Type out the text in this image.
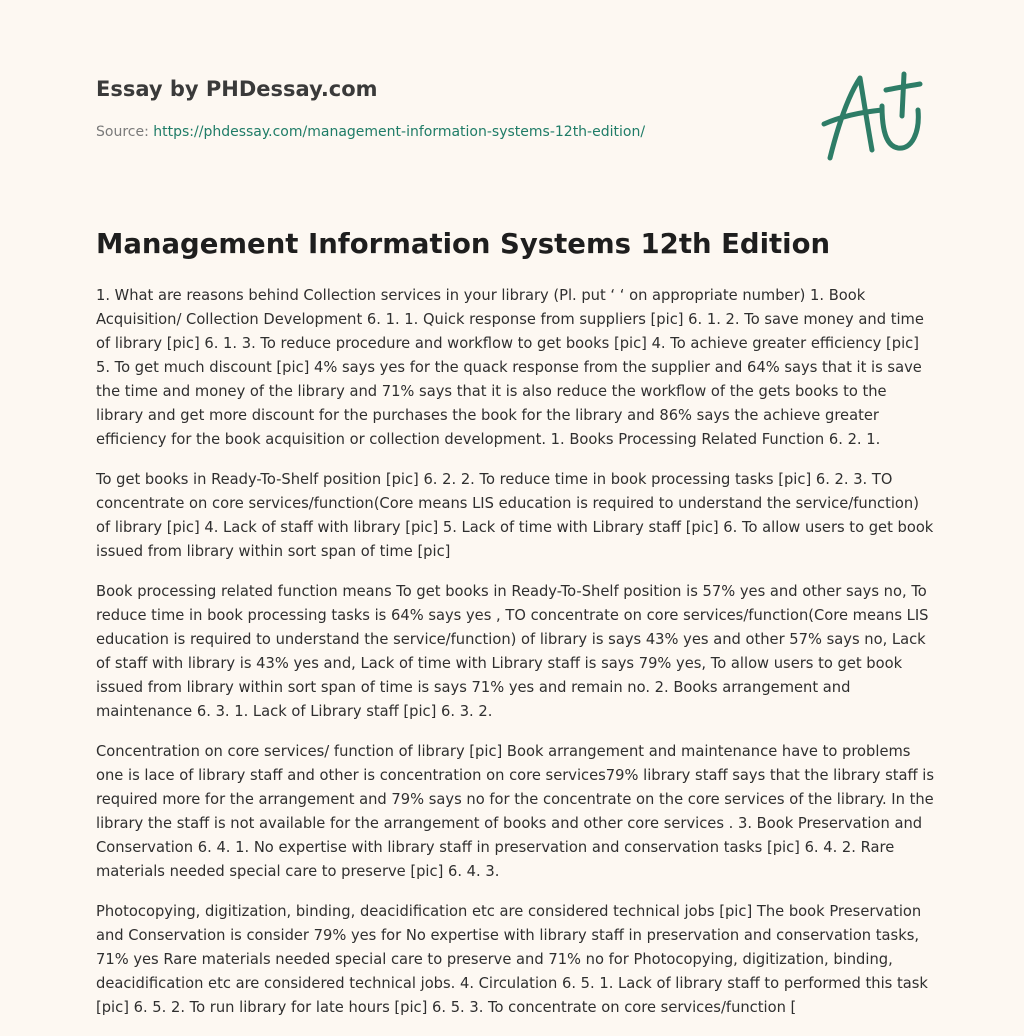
Essay by PHDessay.com
Source: https://phdessay.com/management-information-systems-12th-edition/
Management Information Systems 12th Edition

1. What are reasons behind Collection services in your library (Pl. put ‘ ‘ on appropriate number) 1. Book Acquisition/ Collection Development 6. 1. 1. Quick response from suppliers [pic] 6. 1. 2. To save money and time of library [pic] 6. 1. 3. To reduce procedure and workflow to get books [pic] 4. To achieve greater efficiency [pic] 5. To get much discount [pic] 4% says yes for the quack response from the supplier and 64% says that it is save the time and money of the library and 71% says that it is also reduce the workflow of the gets books to the library and get more discount for the purchases the book for the library and 86% says the achieve greater efficiency for the book acquisition or collection development. 1. Books Processing Related Function 6. 2. 1.

To get books in Ready-To-Shelf position [pic] 6. 2. 2. To reduce time in book processing tasks [pic] 6. 2. 3. TO concentrate on core services/function(Core means LIS education is required to understand the service/function) of library [pic] 4. Lack of staff with library [pic] 5. Lack of time with Library staff [pic] 6. To allow users to get book issued from library within sort span of time [pic]

Book processing related function means To get books in Ready-To-Shelf position is 57% yes and other says no, To reduce time in book processing tasks is 64% says yes , TO concentrate on core services/function(Core means LIS education is required to understand the service/function) of library is says 43% yes and other 57% says no, Lack of staff with library is 43% yes and, Lack of time with Library staff is says 79% yes, To allow users to get book issued from library within sort span of time is says 71% yes and remain no. 2. Books arrangement and maintenance 6. 3. 1. Lack of Library staff [pic] 6. 3. 2.

Concentration on core services/ function of library [pic] Book arrangement and maintenance have to problems one is lace of library staff and other is concentration on core services79% library staff says that the library staff is required more for the arrangement and 79% says no for the concentrate on the core services of the library. In the library the staff is not available for the arrangement of books and other core services . 3. Book Preservation and Conservation 6. 4. 1. No expertise with library staff in preservation and conservation tasks [pic] 6. 4. 2. Rare materials needed special care to preserve [pic] 6. 4. 3.

Photocopying, digitization, binding, deacidification etc are considered technical jobs [pic] The book Preservation and Conservation is consider 79% yes for No expertise with library staff in preservation and conservation tasks, 71% yes Rare materials needed special care to preserve and 71% no for Photocopying, digitization, binding, deacidification etc are considered technical jobs. 4. Circulation 6. 5. 1. Lack of library staff to performed this task [pic] 6. 5. 2. To run library for late hours [pic] 6. 5. 3. To concentrate on core services/function [
